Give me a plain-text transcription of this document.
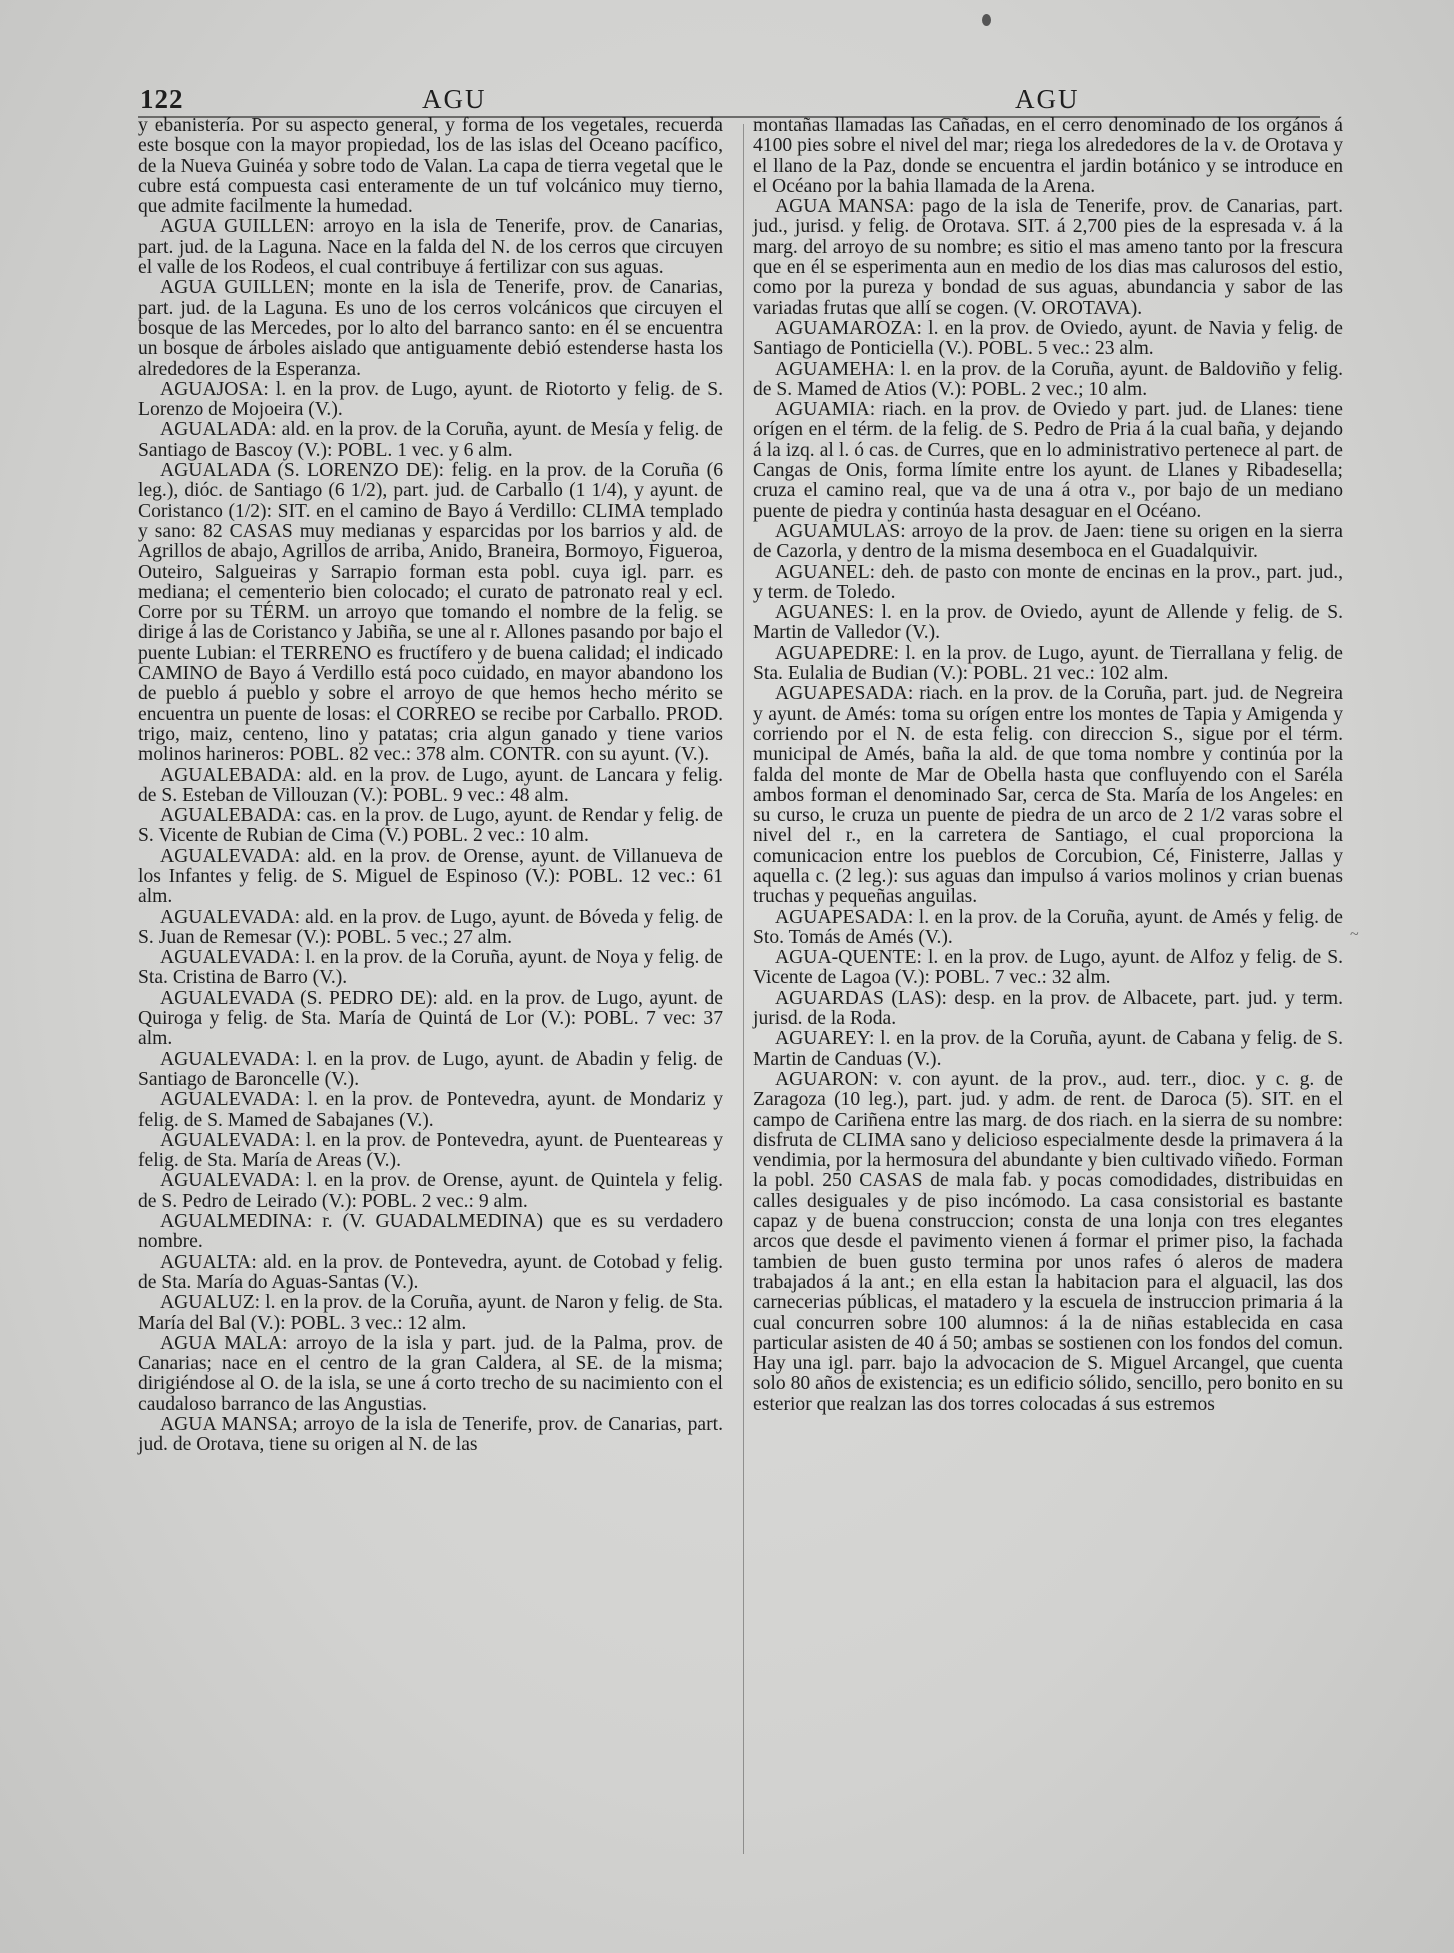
122	AGU	AGU

y ebanistería. Por su aspecto general, y forma de los vegetales, recuerda este bosque con la mayor propiedad, los de las islas del Oceano pacífico, de la Nueva Guinéa y sobre todo de Valan. La capa de tierra vegetal que le cubre está compuesta casi enteramente de un tuf volcánico muy tierno, que admite facilmente la humedad.

AGUA GUILLEN: arroyo en la isla de Tenerife, prov. de Canarias, part. jud. de la Laguna. Nace en la falda del N. de los cerros que circuyen el valle de los Rodeos, el cual contribuye á fertilizar con sus aguas.

AGUA GUILLEN; monte en la isla de Tenerife, prov. de Canarias, part. jud. de la Laguna. Es uno de los cerros volcánicos que circuyen el bosque de las Mercedes, por lo alto del barranco santo: en él se encuentra un bosque de árboles aislado que antiguamente debió estenderse hasta los alrededores de la Esperanza.

AGUAJOSA: l. en la prov. de Lugo, ayunt. de Riotorto y felig. de S. Lorenzo de Mojoeira (V.).

AGUALADA: ald. en la prov. de la Coruña, ayunt. de Mesía y felig. de Santiago de Bascoy (V.): POBL. 1 vec. y 6 alm.

AGUALADA (S. LORENZO DE): felig. en la prov. de la Coruña (6 leg.), dióc. de Santiago (6 1/2), part. jud. de Carballo (1 1/4), y ayunt. de Coristanco (1/2): SIT. en el camino de Bayo á Verdillo: CLIMA templado y sano: 82 CASAS muy medianas y esparcidas por los barrios y ald. de Agrillos de abajo, Agrillos de arriba, Anido, Braneira, Bormoyo, Figueroa, Outeiro, Salgueiras y Sarrapio forman esta pobl. cuya igl. parr. es mediana; el cementerio bien colocado; el curato de patronato real y ecl. Corre por su TÉRM. un arroyo que tomando el nombre de la felig. se dirige á las de Coristanco y Jabiña, se une al r. Allones pasando por bajo el puente Lubian: el TERRENO es fructífero y de buena calidad; el indicado CAMINO de Bayo á Verdillo está poco cuidado, en mayor abandono los de pueblo á pueblo y sobre el arroyo de que hemos hecho mérito se encuentra un puente de losas: el CORREO se recibe por Carballo. PROD. trigo, maiz, centeno, lino y patatas; cria algun ganado y tiene varios molinos harineros: POBL. 82 vec.: 378 alm. CONTR. con su ayunt. (V.).

AGUALEBADA: ald. en la prov. de Lugo, ayunt. de Lancara y felig. de S. Esteban de Villouzan (V.): POBL. 9 vec.: 48 alm.

AGUALEBADA: cas. en la prov. de Lugo, ayunt. de Rendar y felig. de S. Vicente de Rubian de Cima (V.) POBL. 2 vec.: 10 alm.

AGUALEVADA: ald. en la prov. de Orense, ayunt. de Villanueva de los Infantes y felig. de S. Miguel de Espinoso (V.): POBL. 12 vec.: 61 alm.

AGUALEVADA: ald. en la prov. de Lugo, ayunt. de Bóveda y felig. de S. Juan de Remesar (V.): POBL. 5 vec.; 27 alm.

AGUALEVADA: l. en la prov. de la Coruña, ayunt. de Noya y felig. de Sta. Cristina de Barro (V.).

AGUALEVADA (S. PEDRO DE): ald. en la prov. de Lugo, ayunt. de Quiroga y felig. de Sta. María de Quintá de Lor (V.): POBL. 7 vec: 37 alm.

AGUALEVADA: l. en la prov. de Lugo, ayunt. de Abadin y felig. de Santiago de Baroncelle (V.).

AGUALEVADA: l. en la prov. de Pontevedra, ayunt. de Mondariz y felig. de S. Mamed de Sabajanes (V.).

AGUALEVADA: l. en la prov. de Pontevedra, ayunt. de Puenteareas y felig. de Sta. María de Areas (V.).

AGUALEVADA: l. en la prov. de Orense, ayunt. de Quintela y felig. de S. Pedro de Leirado (V.): POBL. 2 vec.: 9 alm.

AGUALMEDINA: r. (V. GUADALMEDINA) que es su verdadero nombre.

AGUALTA: ald. en la prov. de Pontevedra, ayunt. de Cotobad y felig. de Sta. María do Aguas-Santas (V.).

AGUALUZ: l. en la prov. de la Coruña, ayunt. de Naron y felig. de Sta. María del Bal (V.): POBL. 3 vec.: 12 alm.

AGUA MALA: arroyo de la isla y part. jud. de la Palma, prov. de Canarias; nace en el centro de la gran Caldera, al SE. de la misma; dirigiéndose al O. de la isla, se une á corto trecho de su nacimiento con el caudaloso barranco de las Angustias.

AGUA MANSA; arroyo de la isla de Tenerife, prov. de Canarias, part. jud. de Orotava, tiene su origen al N. de las

montañas llamadas las Cañadas, en el cerro denominado de los orgános á 4100 pies sobre el nivel del mar; riega los alrededores de la v. de Orotava y el llano de la Paz, donde se encuentra el jardin botánico y se introduce en el Océano por la bahia llamada de la Arena.

AGUA MANSA: pago de la isla de Tenerife, prov. de Canarias, part. jud., jurisd. y felig. de Orotava. SIT. á 2,700 pies de la espresada v. á la marg. del arroyo de su nombre; es sitio el mas ameno tanto por la frescura que en él se esperimenta aun en medio de los dias mas calurosos del estio, como por la pureza y bondad de sus aguas, abundancia y sabor de las variadas frutas que allí se cogen. (V. OROTAVA).

AGUAMAROZA: l. en la prov. de Oviedo, ayunt. de Navia y felig. de Santiago de Ponticiella (V.). POBL. 5 vec.: 23 alm.

AGUAMEHA: l. en la prov. de la Coruña, ayunt. de Baldoviño y felig. de S. Mamed de Atios (V.): POBL. 2 vec.; 10 alm.

AGUAMIA: riach. en la prov. de Oviedo y part. jud. de Llanes: tiene orígen en el térm. de la felig. de S. Pedro de Pria á la cual baña, y dejando á la izq. al l. ó cas. de Curres, que en lo administrativo pertenece al part. de Cangas de Onis, forma límite entre los ayunt. de Llanes y Ribadesella; cruza el camino real, que va de una á otra v., por bajo de un mediano puente de piedra y continúa hasta desaguar en el Océano.

AGUAMULAS: arroyo de la prov. de Jaen: tiene su origen en la sierra de Cazorla, y dentro de la misma desemboca en el Guadalquivir.

AGUANEL: deh. de pasto con monte de encinas en la prov., part. jud., y term. de Toledo.

AGUANES: l. en la prov. de Oviedo, ayunt de Allende y felig. de S. Martin de Valledor (V.).

AGUAPEDRE: l. en la prov. de Lugo, ayunt. de Tierrallana y felig. de Sta. Eulalia de Budian (V.): POBL. 21 vec.: 102 alm.

AGUAPESADA: riach. en la prov. de la Coruña, part. jud. de Negreira y ayunt. de Amés: toma su orígen entre los montes de Tapia y Amigenda y corriendo por el N. de esta felig. con direccion S., sigue por el térm. municipal de Amés, baña la ald. de que toma nombre y continúa por la falda del monte de Mar de Obella hasta que confluyendo con el Saréla ambos forman el denominado Sar, cerca de Sta. María de los Angeles: en su curso, le cruza un puente de piedra de un arco de 2 1/2 varas sobre el nivel del r., en la carretera de Santiago, el cual proporciona la comunicacion entre los pueblos de Corcubion, Cé, Finisterre, Jallas y aquella c. (2 leg.): sus aguas dan impulso á varios molinos y crian buenas truchas y pequeñas anguilas.

AGUAPESADA: l. en la prov. de la Coruña, ayunt. de Amés y felig. de Sto. Tomás de Amés (V.).

AGUA-QUENTE: l. en la prov. de Lugo, ayunt. de Alfoz y felig. de S. Vicente de Lagoa (V.): POBL. 7 vec.: 32 alm.

AGUARDAS (LAS): desp. en la prov. de Albacete, part. jud. y term. jurisd. de la Roda.

AGUAREY: l. en la prov. de la Coruña, ayunt. de Cabana y felig. de S. Martin de Canduas (V.).

AGUARON: v. con ayunt. de la prov., aud. terr., dioc. y c. g. de Zaragoza (10 leg.), part. jud. y adm. de rent. de Daroca (5). SIT. en el campo de Cariñena entre las marg. de dos riach. en la sierra de su nombre: disfruta de CLIMA sano y delicioso especialmente desde la primavera á la vendimia, por la hermosura del abundante y bien cultivado viñedo. Forman la pobl. 250 CASAS de mala fab. y pocas comodidades, distribuidas en calles desiguales y de piso incómodo. La casa consistorial es bastante capaz y de buena construccion; consta de una lonja con tres elegantes arcos que desde el pavimento vienen á formar el primer piso, la fachada tambien de buen gusto termina por unos rafes ó aleros de madera trabajados á la ant.; en ella estan la habitacion para el alguacil, las dos carnecerias públicas, el matadero y la escuela de instruccion primaria á la cual concurren sobre 100 alumnos: á la de niñas establecida en casa particular asisten de 40 á 50; ambas se sostienen con los fondos del comun. Hay una igl. parr. bajo la advocacion de S. Miguel Arcangel, que cuenta solo 80 años de existencia; es un edificio sólido, sencillo, pero bonito en su esterior que realzan las dos torres colocadas á sus estremos

~
